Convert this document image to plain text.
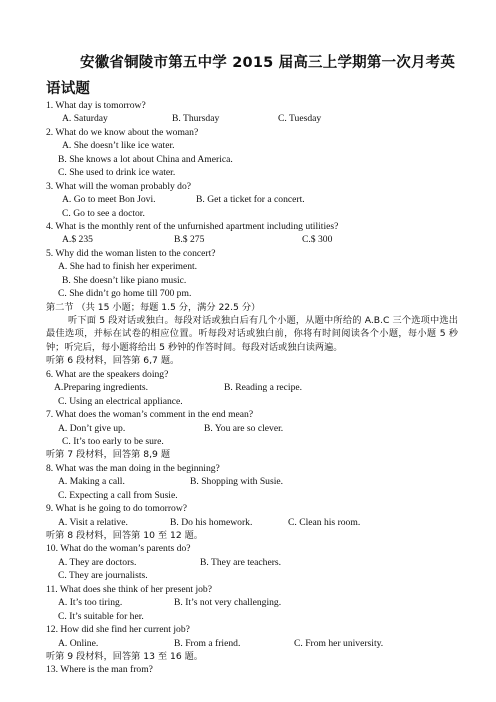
安徽省铜陵市第五中学 2015 届高三上学期第一次月考英语试题
1. What day is tomorrow?
A. Saturday	B. Thursday	C. Tuesday
2. What do we know about the woman?
A. She doesn’t like ice water.
B. She knows a lot about China and America.
C. She used to drink ice water.
3. What will the woman probably do?
A. Go to meet Bon Jovi.	B. Get a ticket for a concert.
C. Go to see a doctor.
4. What is the monthly rent of the unfurnished apartment including utilities?
A.$ 235	B.$ 275	C.$ 300
5. Why did the woman listen to the concert?
A. She had to finish her experiment.
B. She doesn’t like piano music.
C. She didn’t go home till 700 pm.
第二节 （共 15 小题；每题 1.5 分，满分 22.5 分）
听下面 5 段对话或独白。每段对话或独白后有几个小题，从题中所给的 A.B.C 三个选项中选出最佳选项，并标在试卷的相应位置。听每段对话或独白前，你将有时间阅读各个小题，每小题 5 秒钟；听完后，每小题将给出 5 秒钟的作答时间。每段对话或独白读两遍。
听第 6 段材料，回答第 6,7 题。
6. What are the speakers doing?
A.Preparing ingredients.	B. Reading a recipe.
C. Using an electrical appliance.
7. What does the woman’s comment in the end mean?
A. Don’t give up.	B. You are so clever.
C. It’s too early to be sure.
听第 7 段材料，回答第 8,9 题
8. What was the man doing in the beginning?
A. Making a call.	B. Shopping with Susie.
C. Expecting a call from Susie.
9. What is he going to do tomorrow?
A. Visit a relative.	B. Do his homework.	C. Clean his room.
听第 8 段材料，回答第 10 至 12 题。
10. What do the woman’s parents do?
A. They are doctors.	B. They are teachers.
C. They are journalists.
11. What does she think of her present job?
A. It’s too tiring.	B. It’s not very challenging.
C. It’s suitable for her.
12. How did she find her current job?
A. Online.	B. From a friend.	C. From her university.
听第 9 段材料，回答第 13 至 16 题。
13. Where is the man from?
